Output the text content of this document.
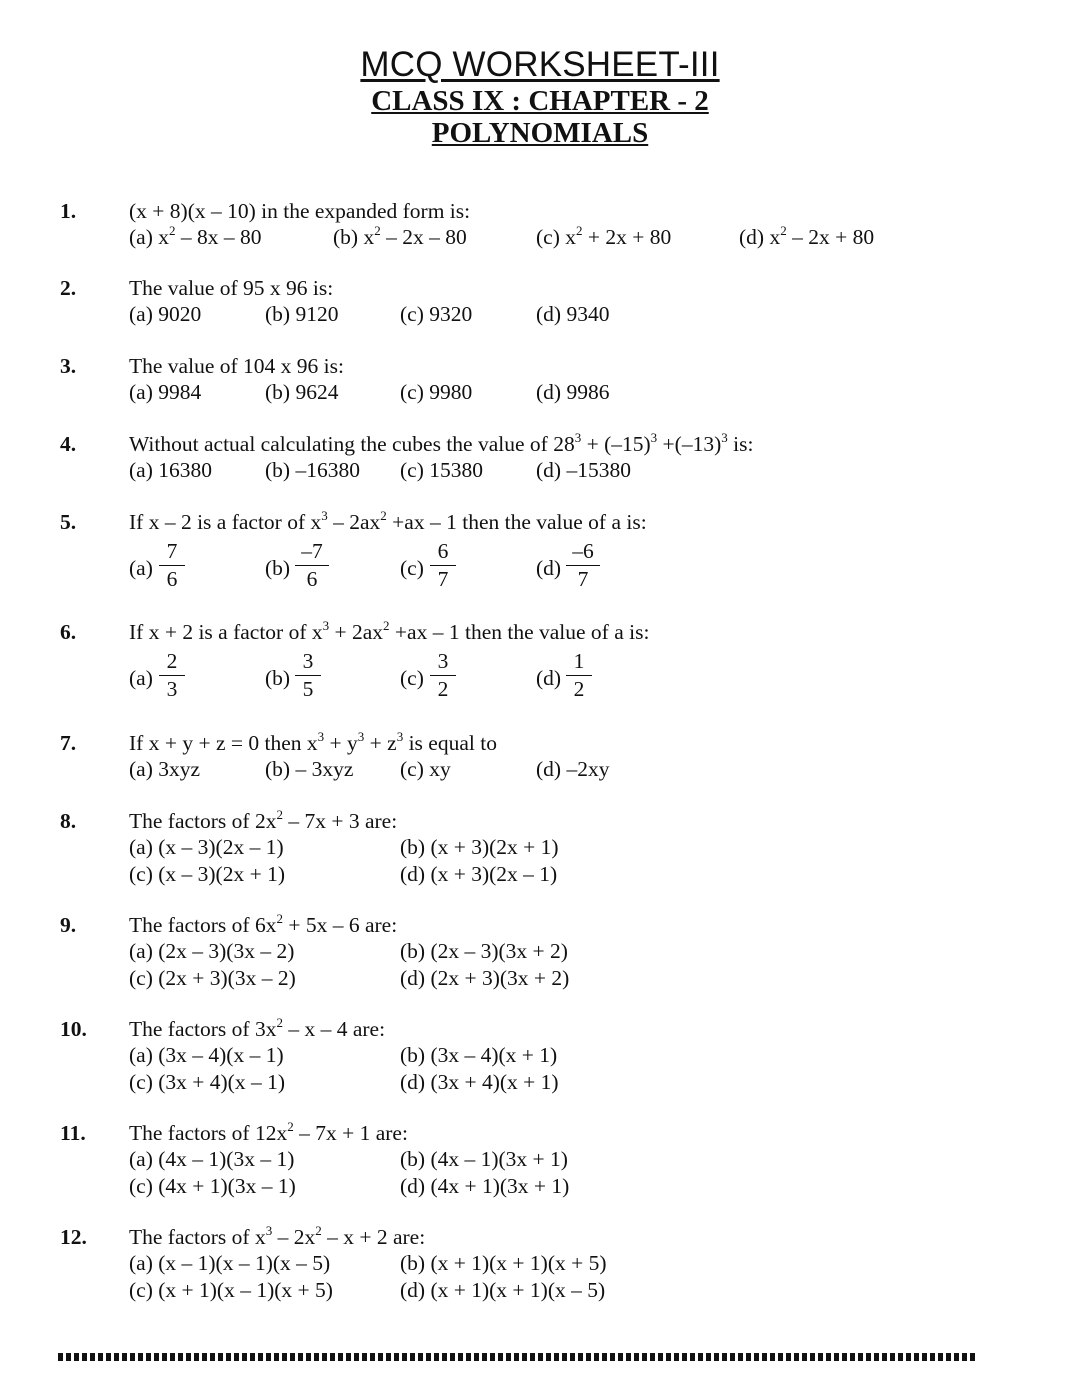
MCQ WORKSHEET-III
CLASS IX : CHAPTER - 2
POLYNOMIALS
1. (x + 8)(x – 10) in the expanded form is:
(a) $x^2 - 8x - 80$	(b) $x^2 - 2x - 80$	(c) $x^2 + 2x + 80$	(d) $x^2 - 2x + 80$
2. The value of 95 x 96 is:
(a) 9020	(b) 9120	(c) 9320	(d) 9340
3. The value of 104 x 96 is:
(a) 9984	(b) 9624	(c) 9980	(d) 9986
4. Without actual calculating the cubes the value of $28^3 + (-15)^3 +(-13)^3$ is:
(a) 16380 (b) –16380 (c) 15380 (d) –15380
5. If x – 2 is a factor of $x^3 - 2ax^2 +ax - 1$ then the value of a is:
(a)
7
6	(b)
–7
6	(c)
6
7	(d)
–6
7
6. If x + 2 is a factor of $x^3 + 2ax^2 +ax - 1$ then the value of a is:
(a)
2
3	(b)
3
5	(c)
3
2	(d)
1
2
7. If x + y + z = 0 then $x^3 + y^3 + z^3$ is equal to
(a) 3xyz	(b) – 3xyz (c) xy	(d) –2xy
8. The factors of $2x^2 - 7x + 3$ are:
(a) (x – 3)(2x – 1)	(b) (x + 3)(2x + 1)
(c) (x – 3)(2x + 1)	(d) (x + 3)(2x – 1)
9. The factors of $6x^2 + 5x - 6$ are:
(a) (2x – 3)(3x – 2)	(b) (2x – 3)(3x + 2)
(c) (2x + 3)(3x – 2)	(d) (2x + 3)(3x + 2)
10. The factors of $3x^2$ – x – 4 are:
(a) (3x – 4)(x – 1)	(b) (3x – 4)(x + 1)
(c) (3x + 4)(x – 1)	(d) (3x + 4)(x + 1)
11. The factors of $12x^2 - 7x + 1$ are:
(a) (4x – 1)(3x – 1)	(b) (4x – 1)(3x + 1)
(c) (4x + 1)(3x – 1)	(d) (4x + 1)(3x + 1)
12. The factors of $x^3 - 2x^2 - x + 2$ are:
(a) (x – 1)(x – 1)(x – 5)	(b) (x + 1)(x + 1)(x + 5)
(c) (x + 1)(x – 1)(x + 5)	(d) (x + 1)(x + 1)(x – 5)
